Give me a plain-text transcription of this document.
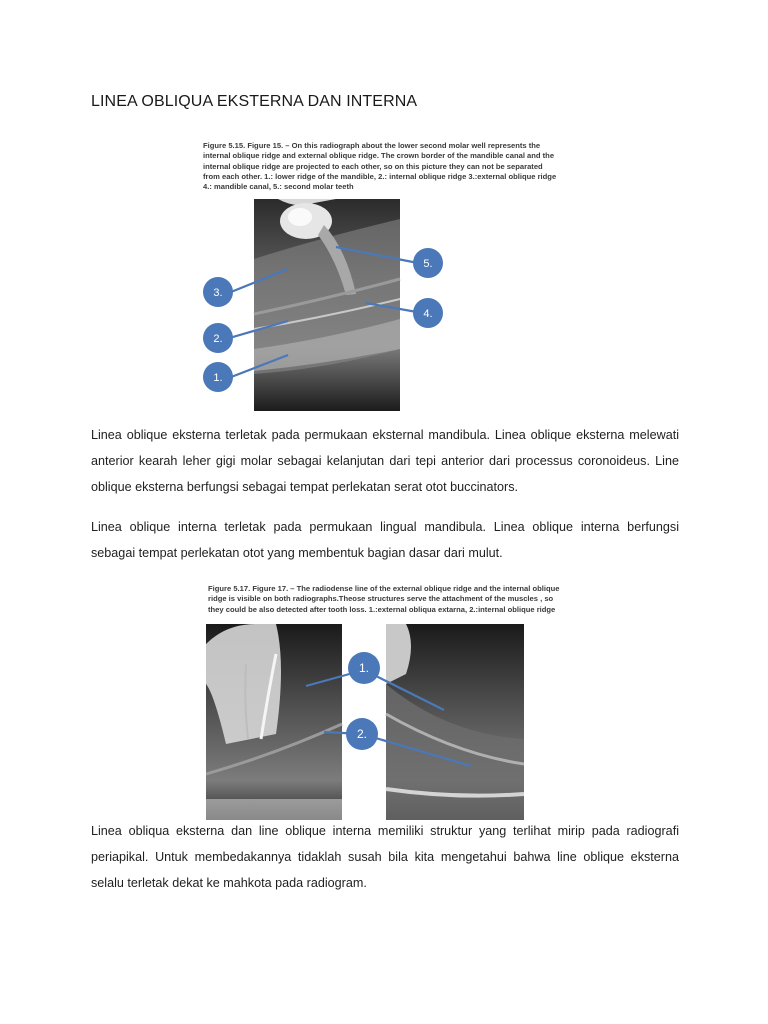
LINEA OBLIQUA EKSTERNA DAN INTERNA
Figure 5.15. Figure 15. – On this radiograph about the lower second molar well represents the
internal oblique ridge and external oblique ridge. The crown border of the mandible canal and the
internal oblique ridge are projected to each other, so on this picture they can not be separated
from each other. 1.: lower ridge of the mandible, 2.: internal oblique ridge 3.:external oblique ridge
4.: mandible canal, 5.: second molar teeth
1.
2.
3.
4.
5.
Linea oblique eksterna terletak pada permukaan eksternal mandibula. Linea oblique eksterna melewati anterior kearah leher gigi molar sebagai kelanjutan dari tepi anterior dari processus coronoideus. Line oblique eksterna berfungsi sebagai tempat perlekatan serat otot buccinators.
Linea oblique interna terletak pada permukaan lingual mandibula. Linea oblique interna berfungsi sebagai tempat perlekatan otot yang membentuk bagian dasar dari mulut.
Figure 5.17. Figure 17. – The radiodense line of the external oblique ridge and the internal oblique
ridge is visible on both radiographs.Theose structures serve the attachment of the muscles , so
they could be also detected after tooth loss. 1.:external obliqua extarna, 2.:internal oblique ridge
1.
2.
Linea obliqua eksterna dan line oblique interna memiliki struktur yang terlihat mirip pada radiografi periapikal. Untuk membedakannya tidaklah susah bila kita mengetahui bahwa line oblique eksterna selalu terletak dekat ke mahkota pada radiogram.
